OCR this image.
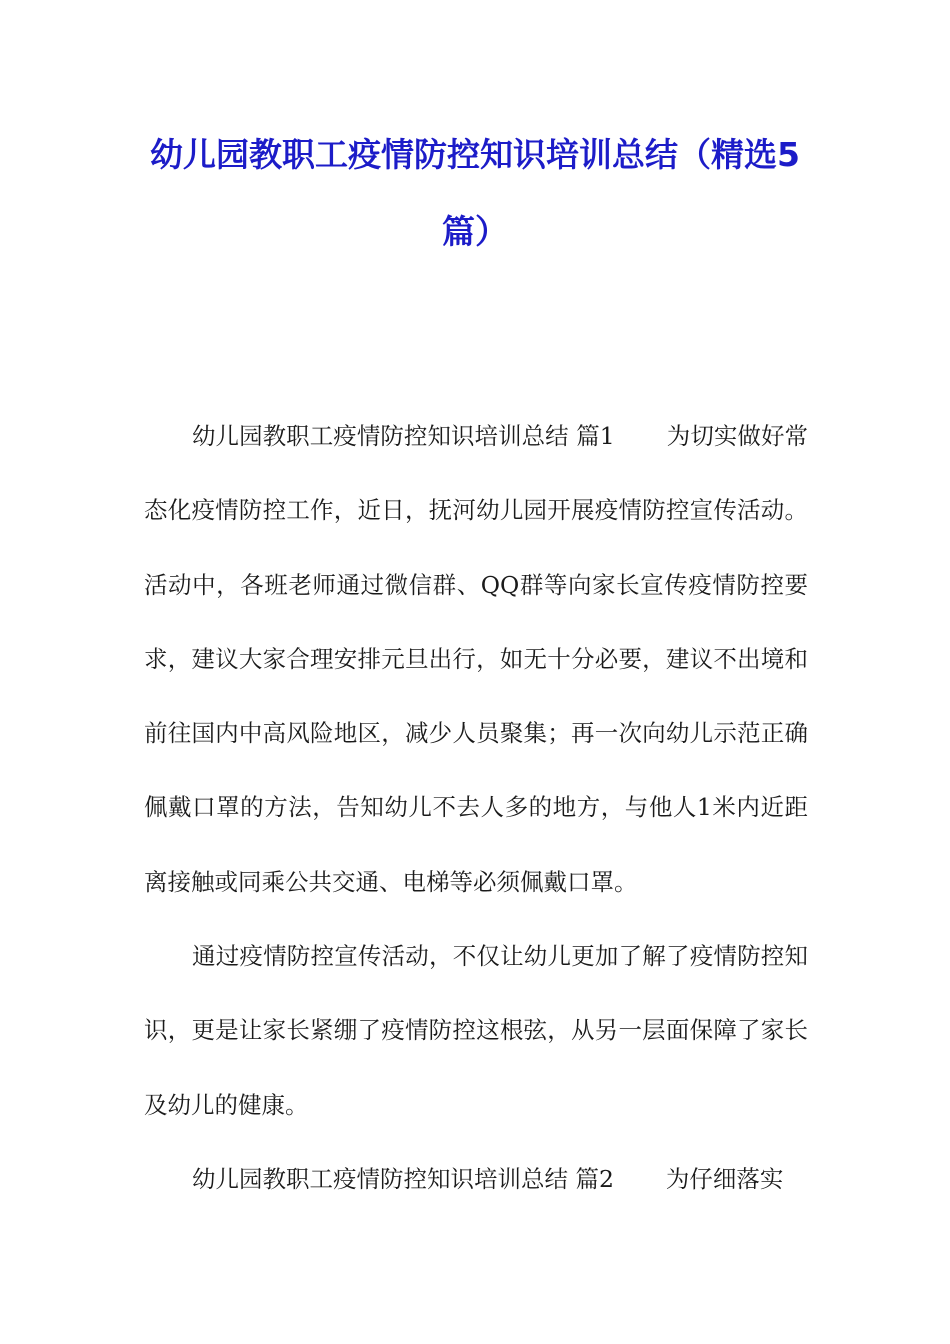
幼儿园教职工疫情防控知识培训总结（精选5篇）

幼儿园教职工疫情防控知识培训总结 篇1 为切实做好常态化疫情防控工作，近日，抚河幼儿园开展疫情防控宣传活动。活动中，各班老师通过微信群、QQ群等向家长宣传疫情防控要求，建议大家合理安排元旦出行，如无十分必要，建议不出境和前往国内中高风险地区，减少人员聚集；再一次向幼儿示范正确佩戴口罩的方法，告知幼儿不去人多的地方，与他人1米内近距离接触或同乘公共交通、电梯等必须佩戴口罩。

通过疫情防控宣传活动，不仅让幼儿更加了解了疫情防控知识，更是让家长紧绷了疫情防控这根弦，从另一层面保障了家长及幼儿的健康。

幼儿园教职工疫情防控知识培训总结 篇2 为仔细落实
